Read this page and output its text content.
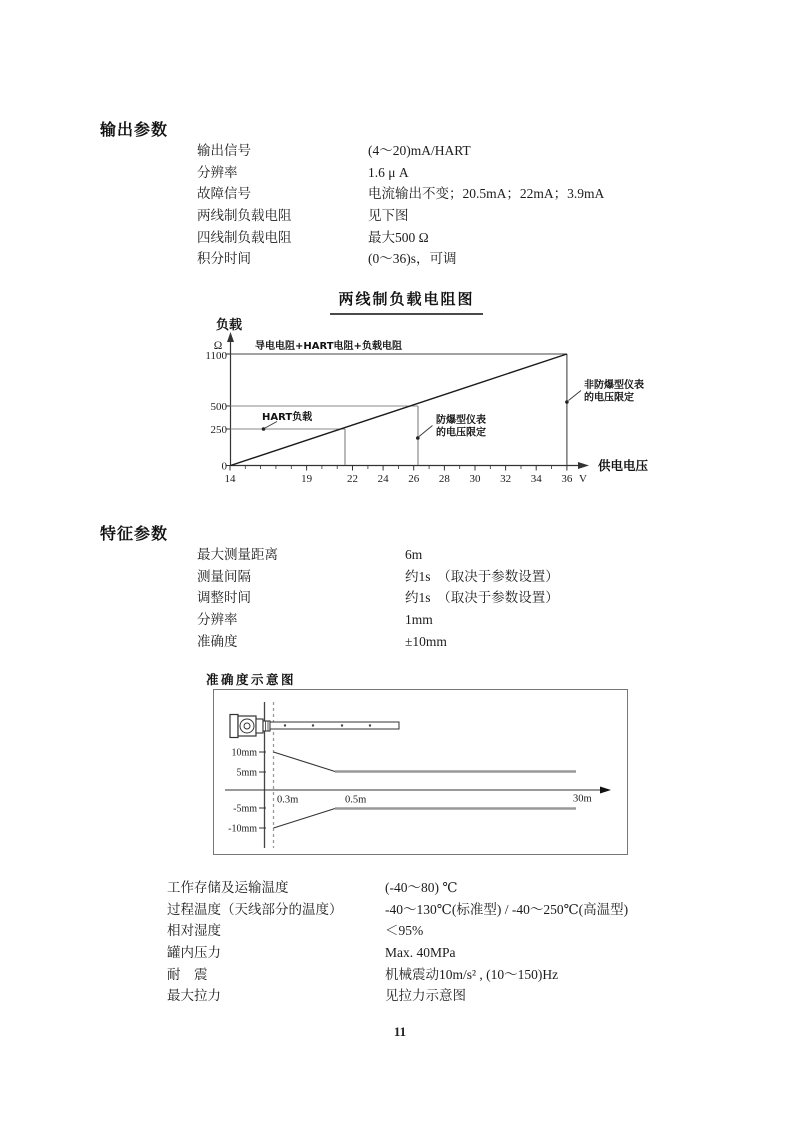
输出参数
输出信号	(4～20)mA/HART
分辨率	1.6 μ A
故障信号	电流输出不变；20.5mA；22mA；3.9mA
两线制负载电阻	见下图
四线制负载电阻	最大500 Ω
积分时间	(0～36)s，可调
两线制负载电阻图
1100
500
250
0
14	19	22 24 26 28 30 32 34 36 V
Ω
负载
供电电压
导电电阻+HART电阻+负载电阻
HART负载	防爆型仪表
的电压限定
非防爆型仪表
的电压限定
特征参数
最大测量距离	6m
测量间隔	约1s　（取决于参数设置）
调整时间	约1s　（取决于参数设置）
分辨率	1mm
准确度	±10mm
准确度示意图
10mm
5mm
-5mm
-10mm
0.3m	0.5m	30m
工作存储及运输温度	(-40～80) ℃
过程温度（天线部分的温度）	-40～130℃(标准型) / -40～250℃(高温型)
相对湿度	＜95%
罐内压力	Max. 40MPa
耐　震	机械震动10m/s² , (10～150)Hz
最大拉力	见拉力示意图
11
